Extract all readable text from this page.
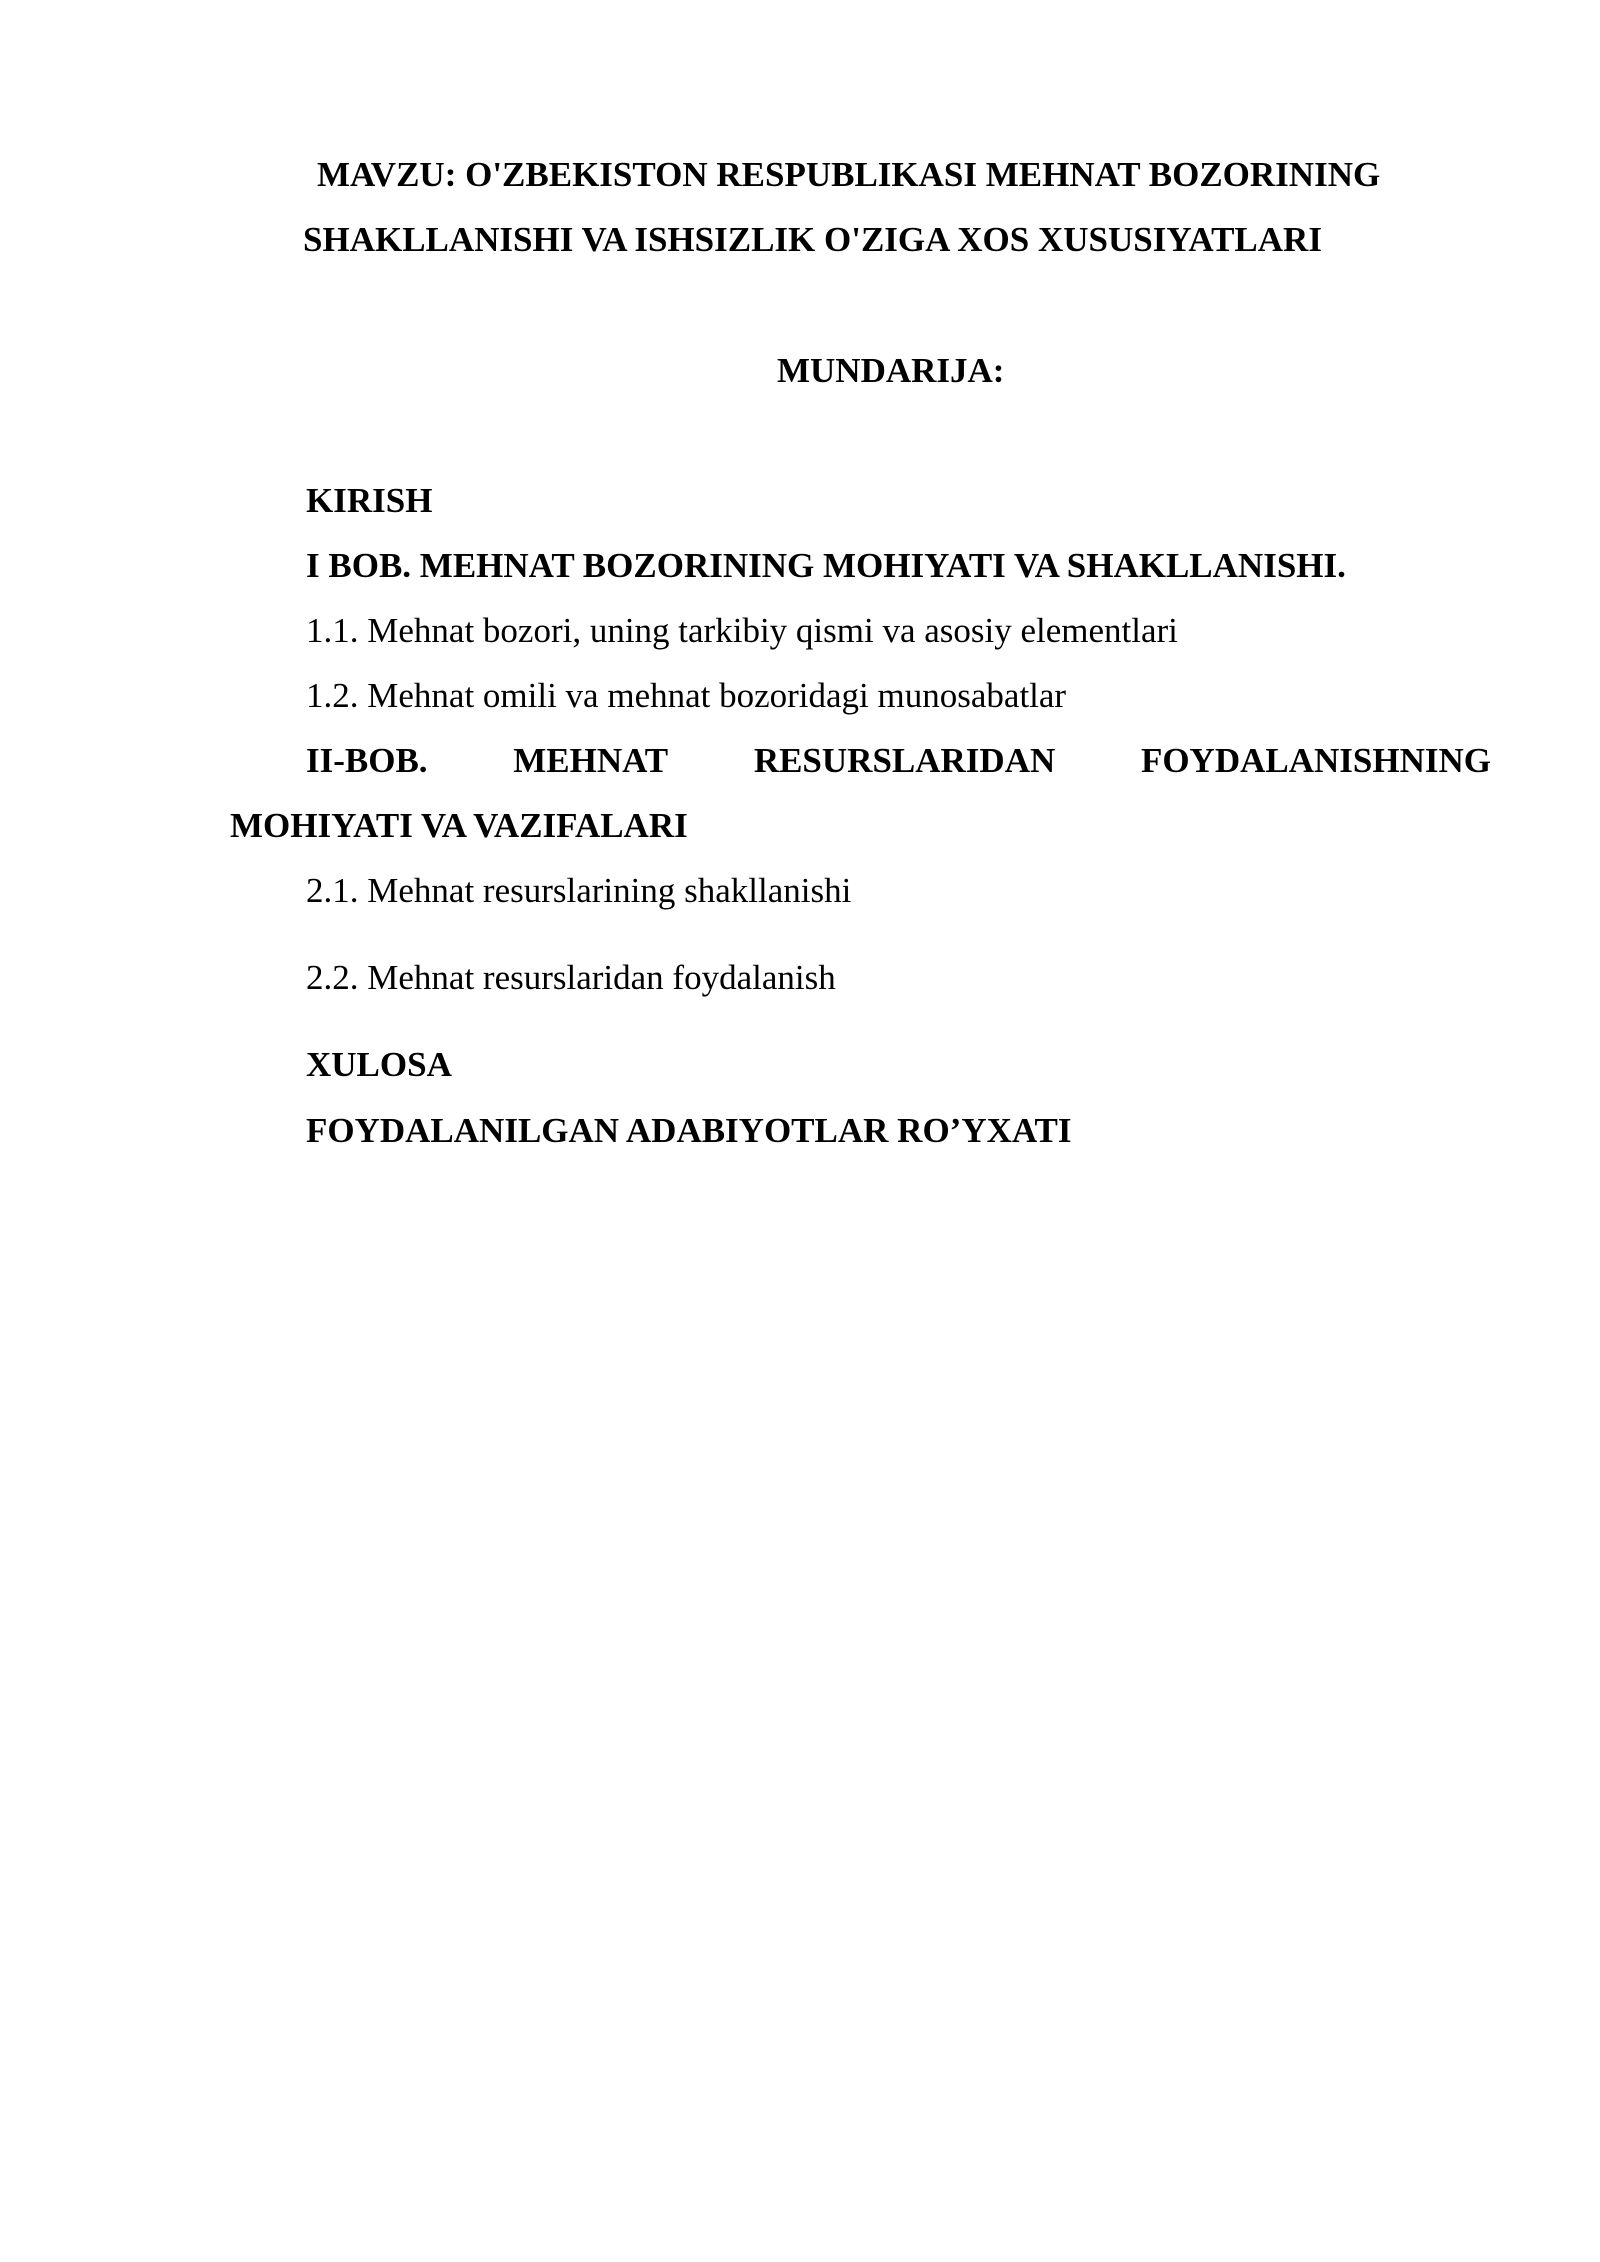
MAVZU: O'ZBEKISTON RESPUBLIKASI MEHNAT BOZORINING
SHAKLLANISHI VA ISHSIZLIK O'ZIGA XOS XUSUSIYATLARI
MUNDARIJA:
KIRISH
I BOB. MEHNAT BOZORINING MOHIYATI VA SHAKLLANISHI.
1.1. Mehnat bozori, uning tarkibiy qismi va asosiy elementlari
1.2. Mehnat omili va mehnat bozoridagi munosabatlar
II-BOB. MEHNAT RESURSLARIDAN FOYDALANISHNING
MOHIYATI VA VAZIFALARI
2.1. Mehnat resurslarining shakllanishi
2.2. Mehnat resurslaridan foydalanish
XULOSA
FOYDALANILGAN ADABIYOTLAR RO’YXATI
